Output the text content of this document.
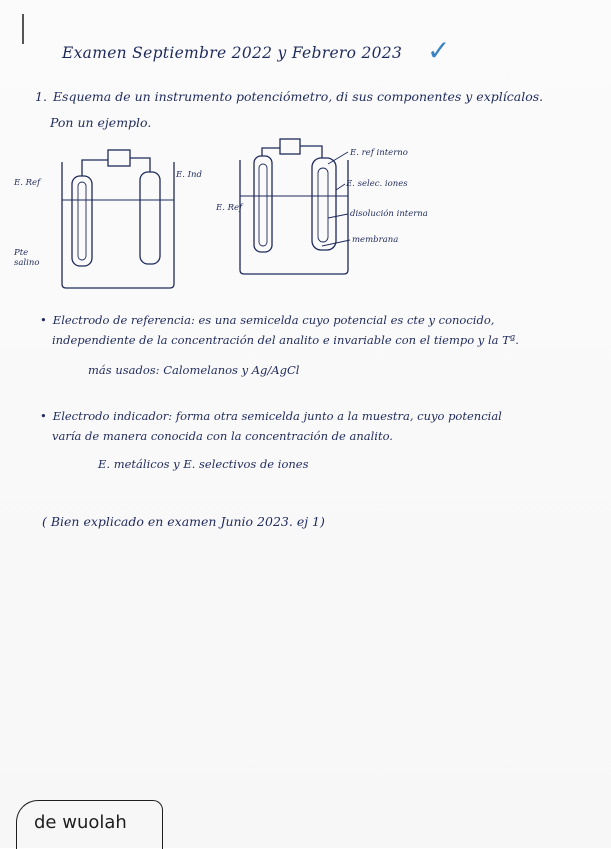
Examen Septiembre 2022 y Febrero 2023 ✓
1. Esquema de un instrumento potenciómetro, di sus componentes y explícalos.
Pon un ejemplo.
E. Ref
E. Ind
Pte salino
E. Ref
E. ref interno
E. selec. iones
disolución interna
membrana
• Electrodo de referencia: es una semicelda cuyo potencial es cte y conocido,
independiente de la concentración del analito e invariable con el tiempo y la Tª.
más usados: Calomelanos y Ag/AgCl
• Electrodo indicador: forma otra semicelda junto a la muestra, cuyo potencial
varía de manera conocida con la concentración de analito.
E. metálicos y E. selectivos de iones
( Bien explicado en examen Junio 2023. ej 1)
de wuolah
